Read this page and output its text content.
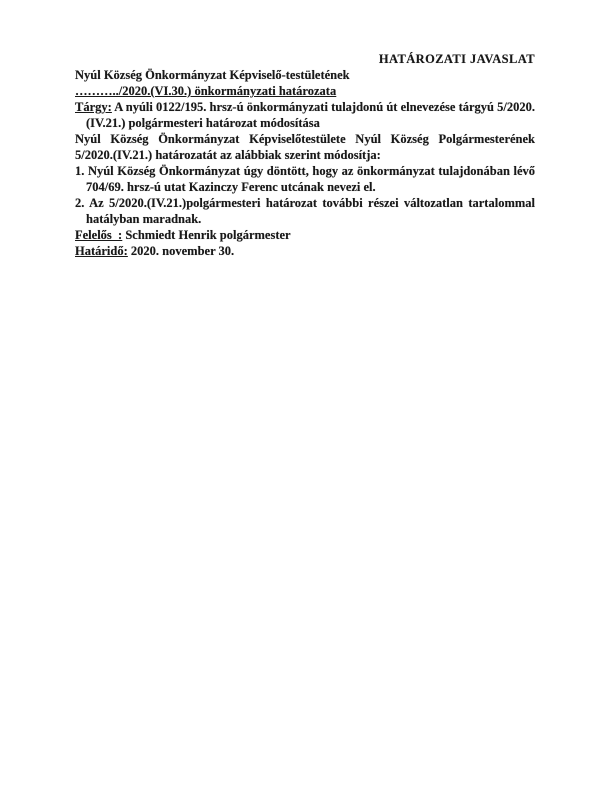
HATÁROZATI JAVASLAT

Nyúl Község Önkormányzat Képviselő-testületének

………../2020.(VI.30.) önkormányzati határozata

Tárgy: A nyúli 0122/195. hrsz-ú önkormányzati tulajdonú út elnevezése tárgyú 5/2020.(IV.21.) polgármesteri határozat módosítása

Nyúl Község Önkormányzat Képviselőtestülete Nyúl Község Polgármesterének 5/2020.(IV.21.) határozatát az alábbiak szerint módosítja:

1. Nyúl Község Önkormányzat úgy döntött, hogy az önkormányzat tulajdonában lévő 704/69. hrsz-ú utat Kazinczy Ferenc utcának nevezi el.

2. Az 5/2020.(IV.21.)polgármesteri határozat további részei változatlan tartalommal hatályban maradnak.

Felelős  : Schmiedt Henrik polgármester

Határidő: 2020. november 30.
